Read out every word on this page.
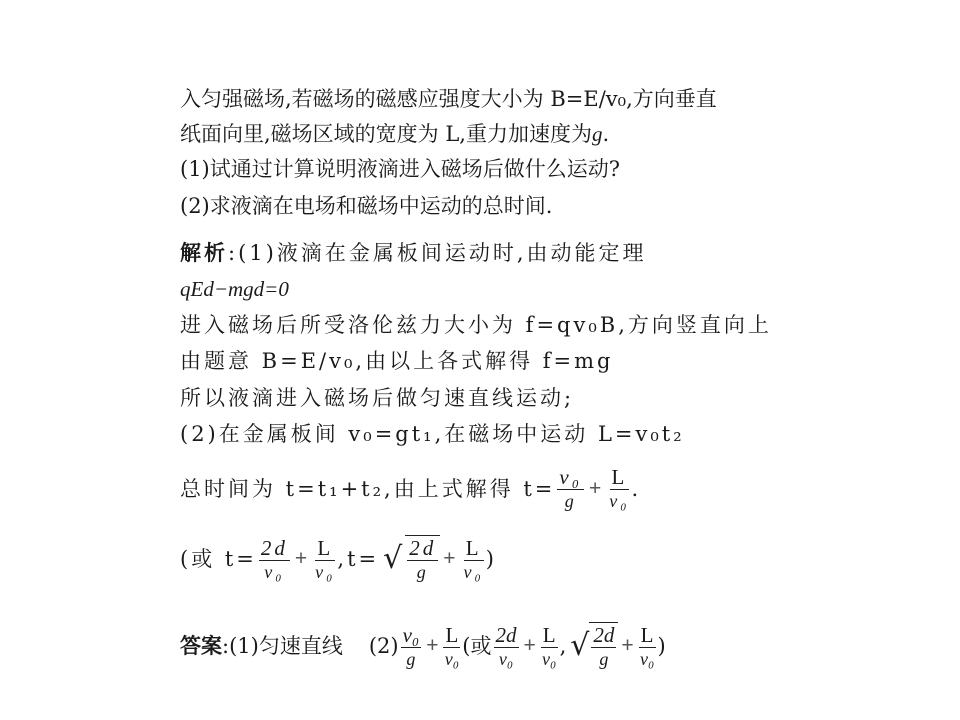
入匀强磁场,若磁场的磁感应强度大小为 B=E/v₀,方向垂直
纸面向里,磁场区域的宽度为 L,重力加速度为 g .
(1)试通过计算说明液滴进入磁场后做什么运动?
(2)求液滴在电场和磁场中运动的总时间.
解析 :(1)液滴在金属板间运动时,由动能定理
qEd−mgd=0
进入磁场后所受洛伦兹力大小为 f=qv₀B,方向竖直向上
由题意 B=E/v₀,由以上各式解得 f=mg
所以液滴进入磁场后做匀速直线运动;
(2)在金属板间 v₀=gt₁,在磁场中运动 L=v₀t₂
总时间为 t=t₁+t₂,由上式解得 $t= \frac{\text{v₀}}{g} + \frac{L}{\text{v₀}}$ .
(或 $t= \frac{2d}{\text{v₀}} + \frac{L}{\text{v₀}} ,t=$ √ $\frac{2d}{g} + \frac{L}{\text{v₀}}$ )
答案 :(1)匀速直线 $(2) \frac{\text{v₀}}{g} + \frac{L}{\text{v₀}}$ (或 $\frac{2d}{\text{v₀}} + \frac{L}{\text{v₀}}$ , √ $\frac{2d}{g} + \frac{L}{\text{v₀}}$ )
